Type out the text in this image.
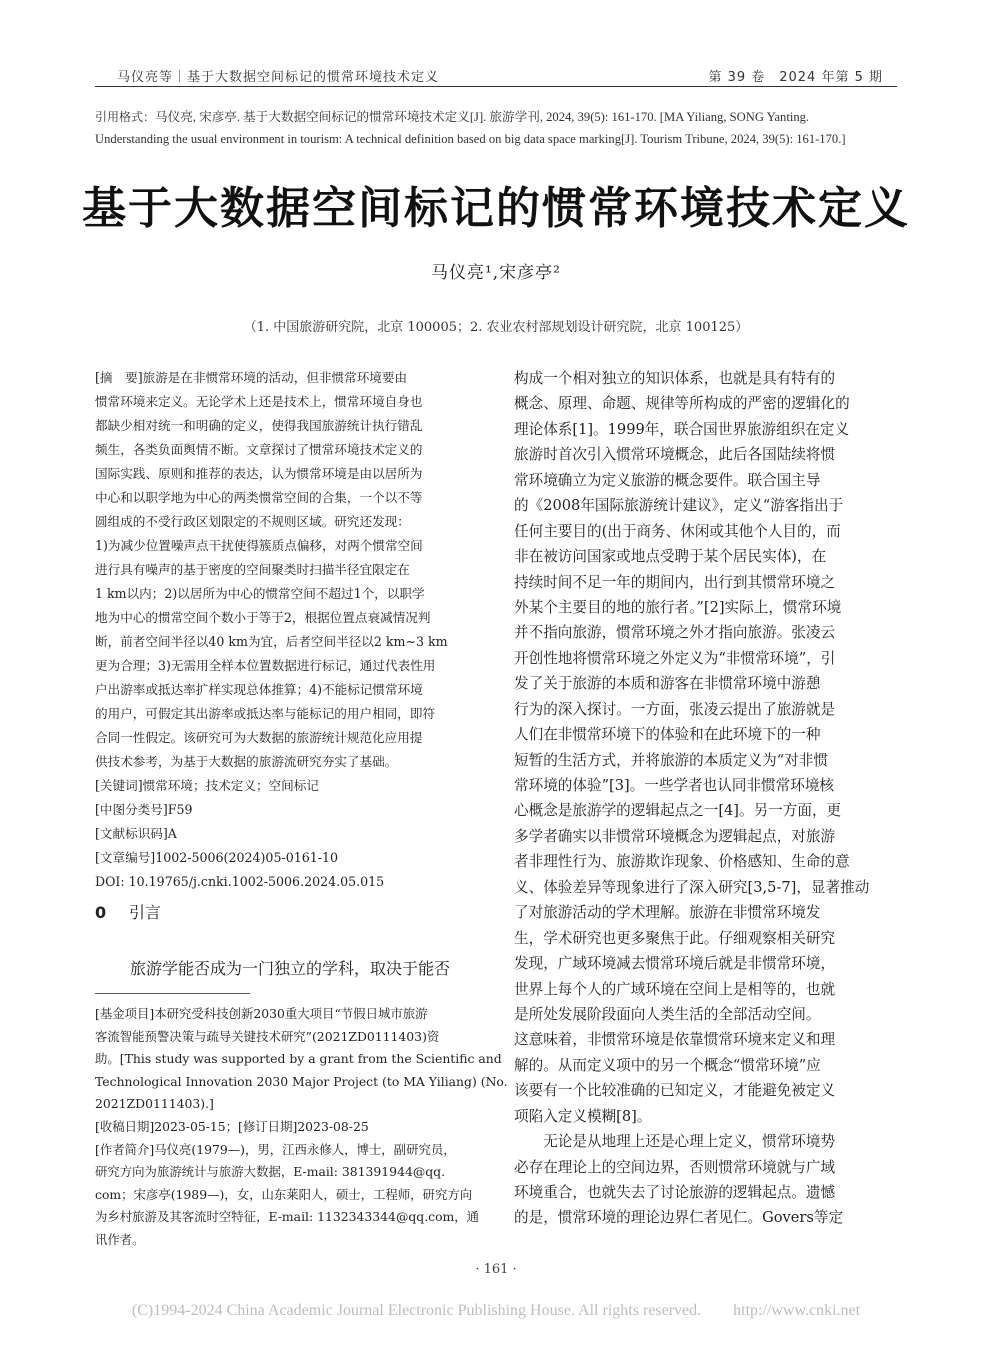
马仪亮等｜基于大数据空间标记的惯常环境技术定义	第 39 卷　2024 年第 5 期
引用格式：马仪亮, 宋彦亭. 基于大数据空间标记的惯常环境技术定义[J]. 旅游学刊, 2024, 39(5): 161-170. [MA Yiliang, SONG Yanting.
Understanding the usual environment in tourism: A technical definition based on big data space marking[J]. Tourism Tribune, 2024, 39(5): 161-170.]
基于大数据空间标记的惯常环境技术定义
马仪亮¹,宋彦亭²
（1. 中国旅游研究院，北京 100005；2. 农业农村部规划设计研究院，北京 100125）
[摘　要]旅游是在非惯常环境的活动，但非惯常环境要由
惯常环境来定义。无论学术上还是技术上，惯常环境自身也
都缺少相对统一和明确的定义，使得我国旅游统计执行错乱
频生，各类负面舆情不断。文章探讨了惯常环境技术定义的
国际实践、原则和推荐的表达，认为惯常环境是由以居所为
中心和以职学地为中心的两类惯常空间的合集，一个以不等
圆组成的不受行政区划限定的不规则区域。研究还发现：
1)为减少位置噪声点干扰使得簇质点偏移，对两个惯常空间
进行具有噪声的基于密度的空间聚类时扫描半径宜限定在
1 km以内；2)以居所为中心的惯常空间不超过1个，以职学
地为中心的惯常空间个数小于等于2，根据位置点衰减情况判
断，前者空间半径以40 km为宜，后者空间半径以2 km~3 km
更为合理；3)无需用全样本位置数据进行标记，通过代表性用
户出游率或抵达率扩样实现总体推算；4)不能标记惯常环境
的用户，可假定其出游率或抵达率与能标记的用户相同，即符
合同一性假定。该研究可为大数据的旅游统计规范化应用提
供技术参考，为基于大数据的旅游流研究夯实了基础。
[关键词]惯常环境；技术定义；空间标记
[中图分类号]F59
[文献标识码]A
[文章编号]1002-5006(2024)05-0161-10
DOI: 10.19765/j.cnki.1002-5006.2024.05.015
0 引言
旅游学能否成为一门独立的学科，取决于能否
[基金项目]本研究受科技创新2030重大项目“节假日城市旅游
客流智能预警决策与疏导关键技术研究”(2021ZD0111403)资
助。[This study was supported by a grant from the Scientific and
Technological Innovation 2030 Major Project (to MA Yiliang) (No.
2021ZD0111403).]
[收稿日期]2023-05-15；[修订日期]2023-08-25
[作者简介]马仪亮(1979—)，男，江西永修人，博士，副研究员，
研究方向为旅游统计与旅游大数据，E-mail: 381391944@qq.
com；宋彦亭(1989—)，女，山东莱阳人，硕士，工程师，研究方向
为乡村旅游及其客流时空特征，E-mail: 1132343344@qq.com，通
讯作者。
构成一个相对独立的知识体系，也就是具有特有的
概念、原理、命题、规律等所构成的严密的逻辑化的
理论体系[1]。1999年，联合国世界旅游组织在定义
旅游时首次引入惯常环境概念，此后各国陆续将惯
常环境确立为定义旅游的概念要件。联合国主导
的《2008年国际旅游统计建议》，定义“游客指出于
任何主要目的(出于商务、休闲或其他个人目的，而
非在被访问国家或地点受聘于某个居民实体)，在
持续时间不足一年的期间内，出行到其惯常环境之
外某个主要目的地的旅行者。”[2]实际上，惯常环境
并不指向旅游，惯常环境之外才指向旅游。张凌云
开创性地将惯常环境之外定义为“非惯常环境”，引
发了关于旅游的本质和游客在非惯常环境中游憩
行为的深入探讨。一方面，张凌云提出了旅游就是
人们在非惯常环境下的体验和在此环境下的一种
短暂的生活方式，并将旅游的本质定义为“对非惯
常环境的体验”[3]。一些学者也认同非惯常环境核
心概念是旅游学的逻辑起点之一[4]。另一方面，更
多学者确实以非惯常环境概念为逻辑起点，对旅游
者非理性行为、旅游欺诈现象、价格感知、生命的意
义、体验差异等现象进行了深入研究[3,5-7]，显著推动
了对旅游活动的学术理解。旅游在非惯常环境发
生，学术研究也更多聚焦于此。仔细观察相关研究
发现，广域环境减去惯常环境后就是非惯常环境，
世界上每个人的广域环境在空间上是相等的，也就
是所处发展阶段面向人类生活的全部活动空间。
这意味着，非惯常环境是依靠惯常环境来定义和理
解的。从而定义项中的另一个概念“惯常环境”应
该要有一个比较准确的已知定义，才能避免被定义
项陷入定义模糊[8]。
　　无论是从地理上还是心理上定义，惯常环境势
必存在理论上的空间边界，否则惯常环境就与广域
环境重合，也就失去了讨论旅游的逻辑起点。遗憾
的是，惯常环境的理论边界仁者见仁。Govers等定
· 161 ·
(C)1994-2024 China Academic Journal Electronic Publishing House. All rights reserved.　　http://www.cnki.net
